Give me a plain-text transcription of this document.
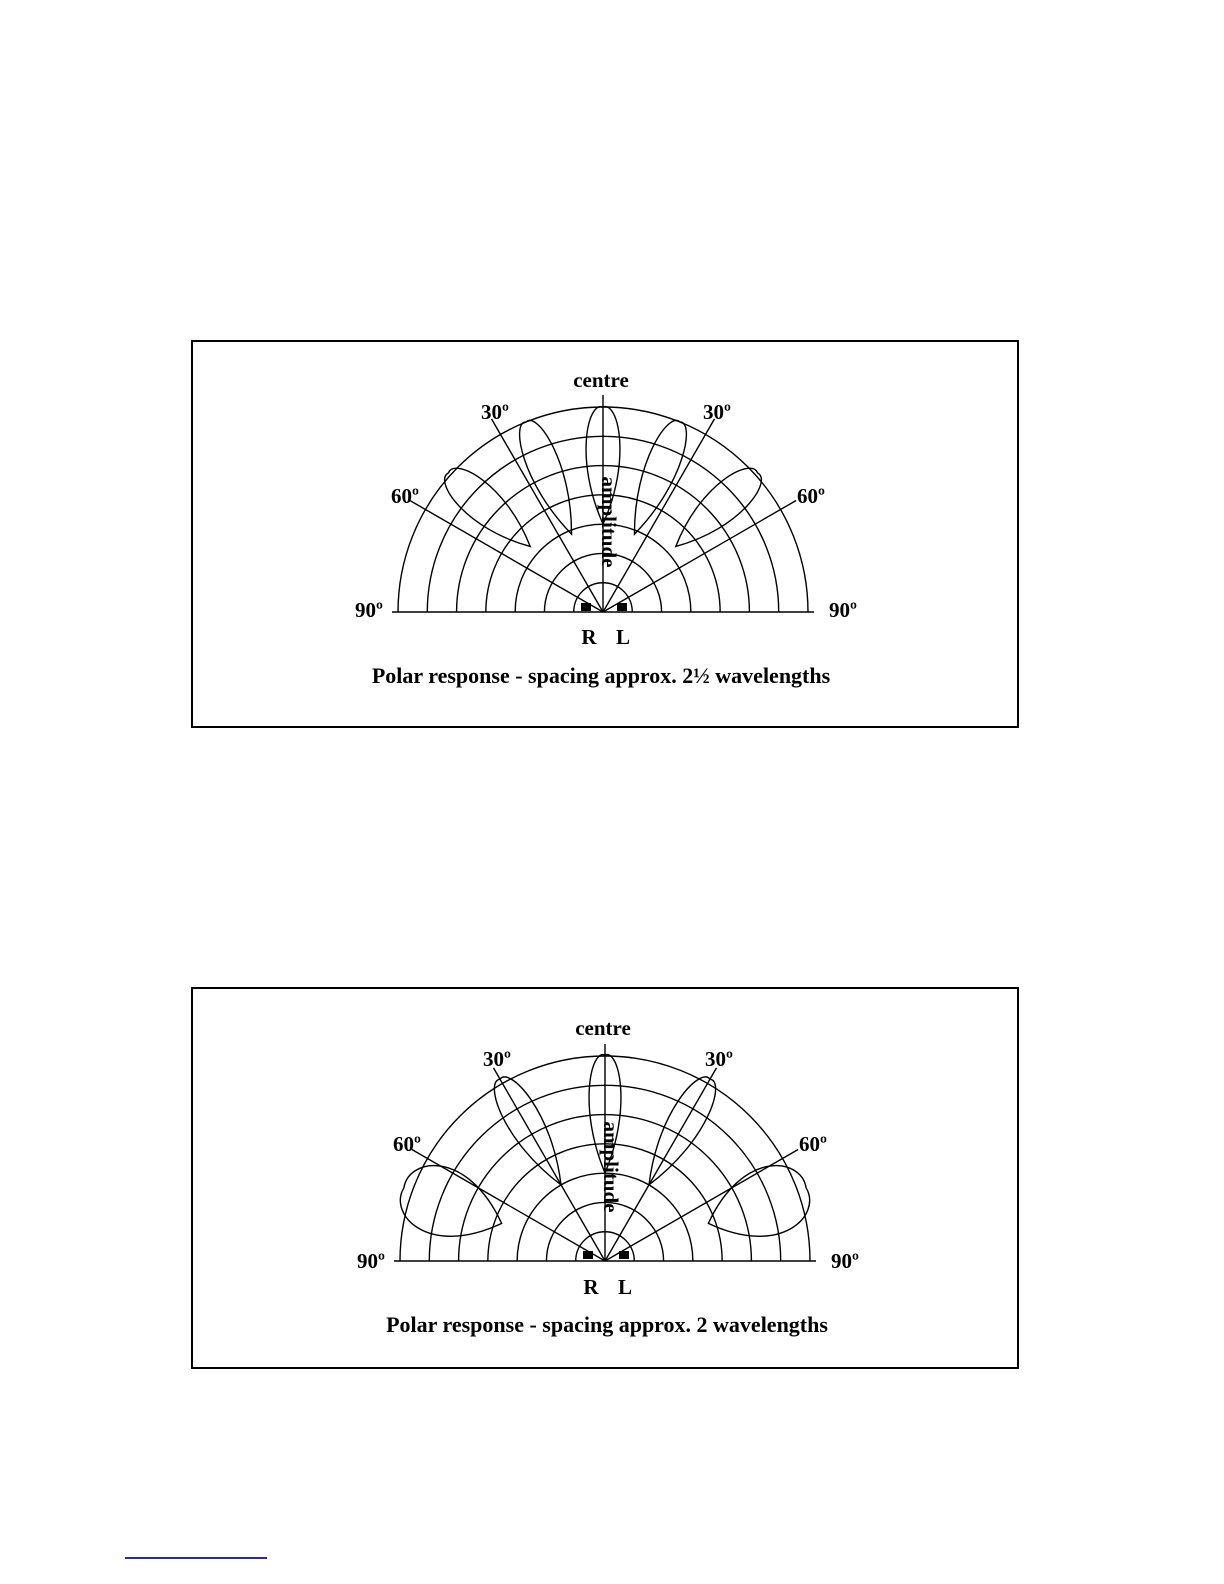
centre
30º	30º
60º	60º
90º	90º
amplitude
R L
Polar response - spacing approx. 2½ wavelengths
centre
30º	30º
60º	60º
90º	90º
amplitude
R L
Polar response - spacing approx. 2 wavelengths
